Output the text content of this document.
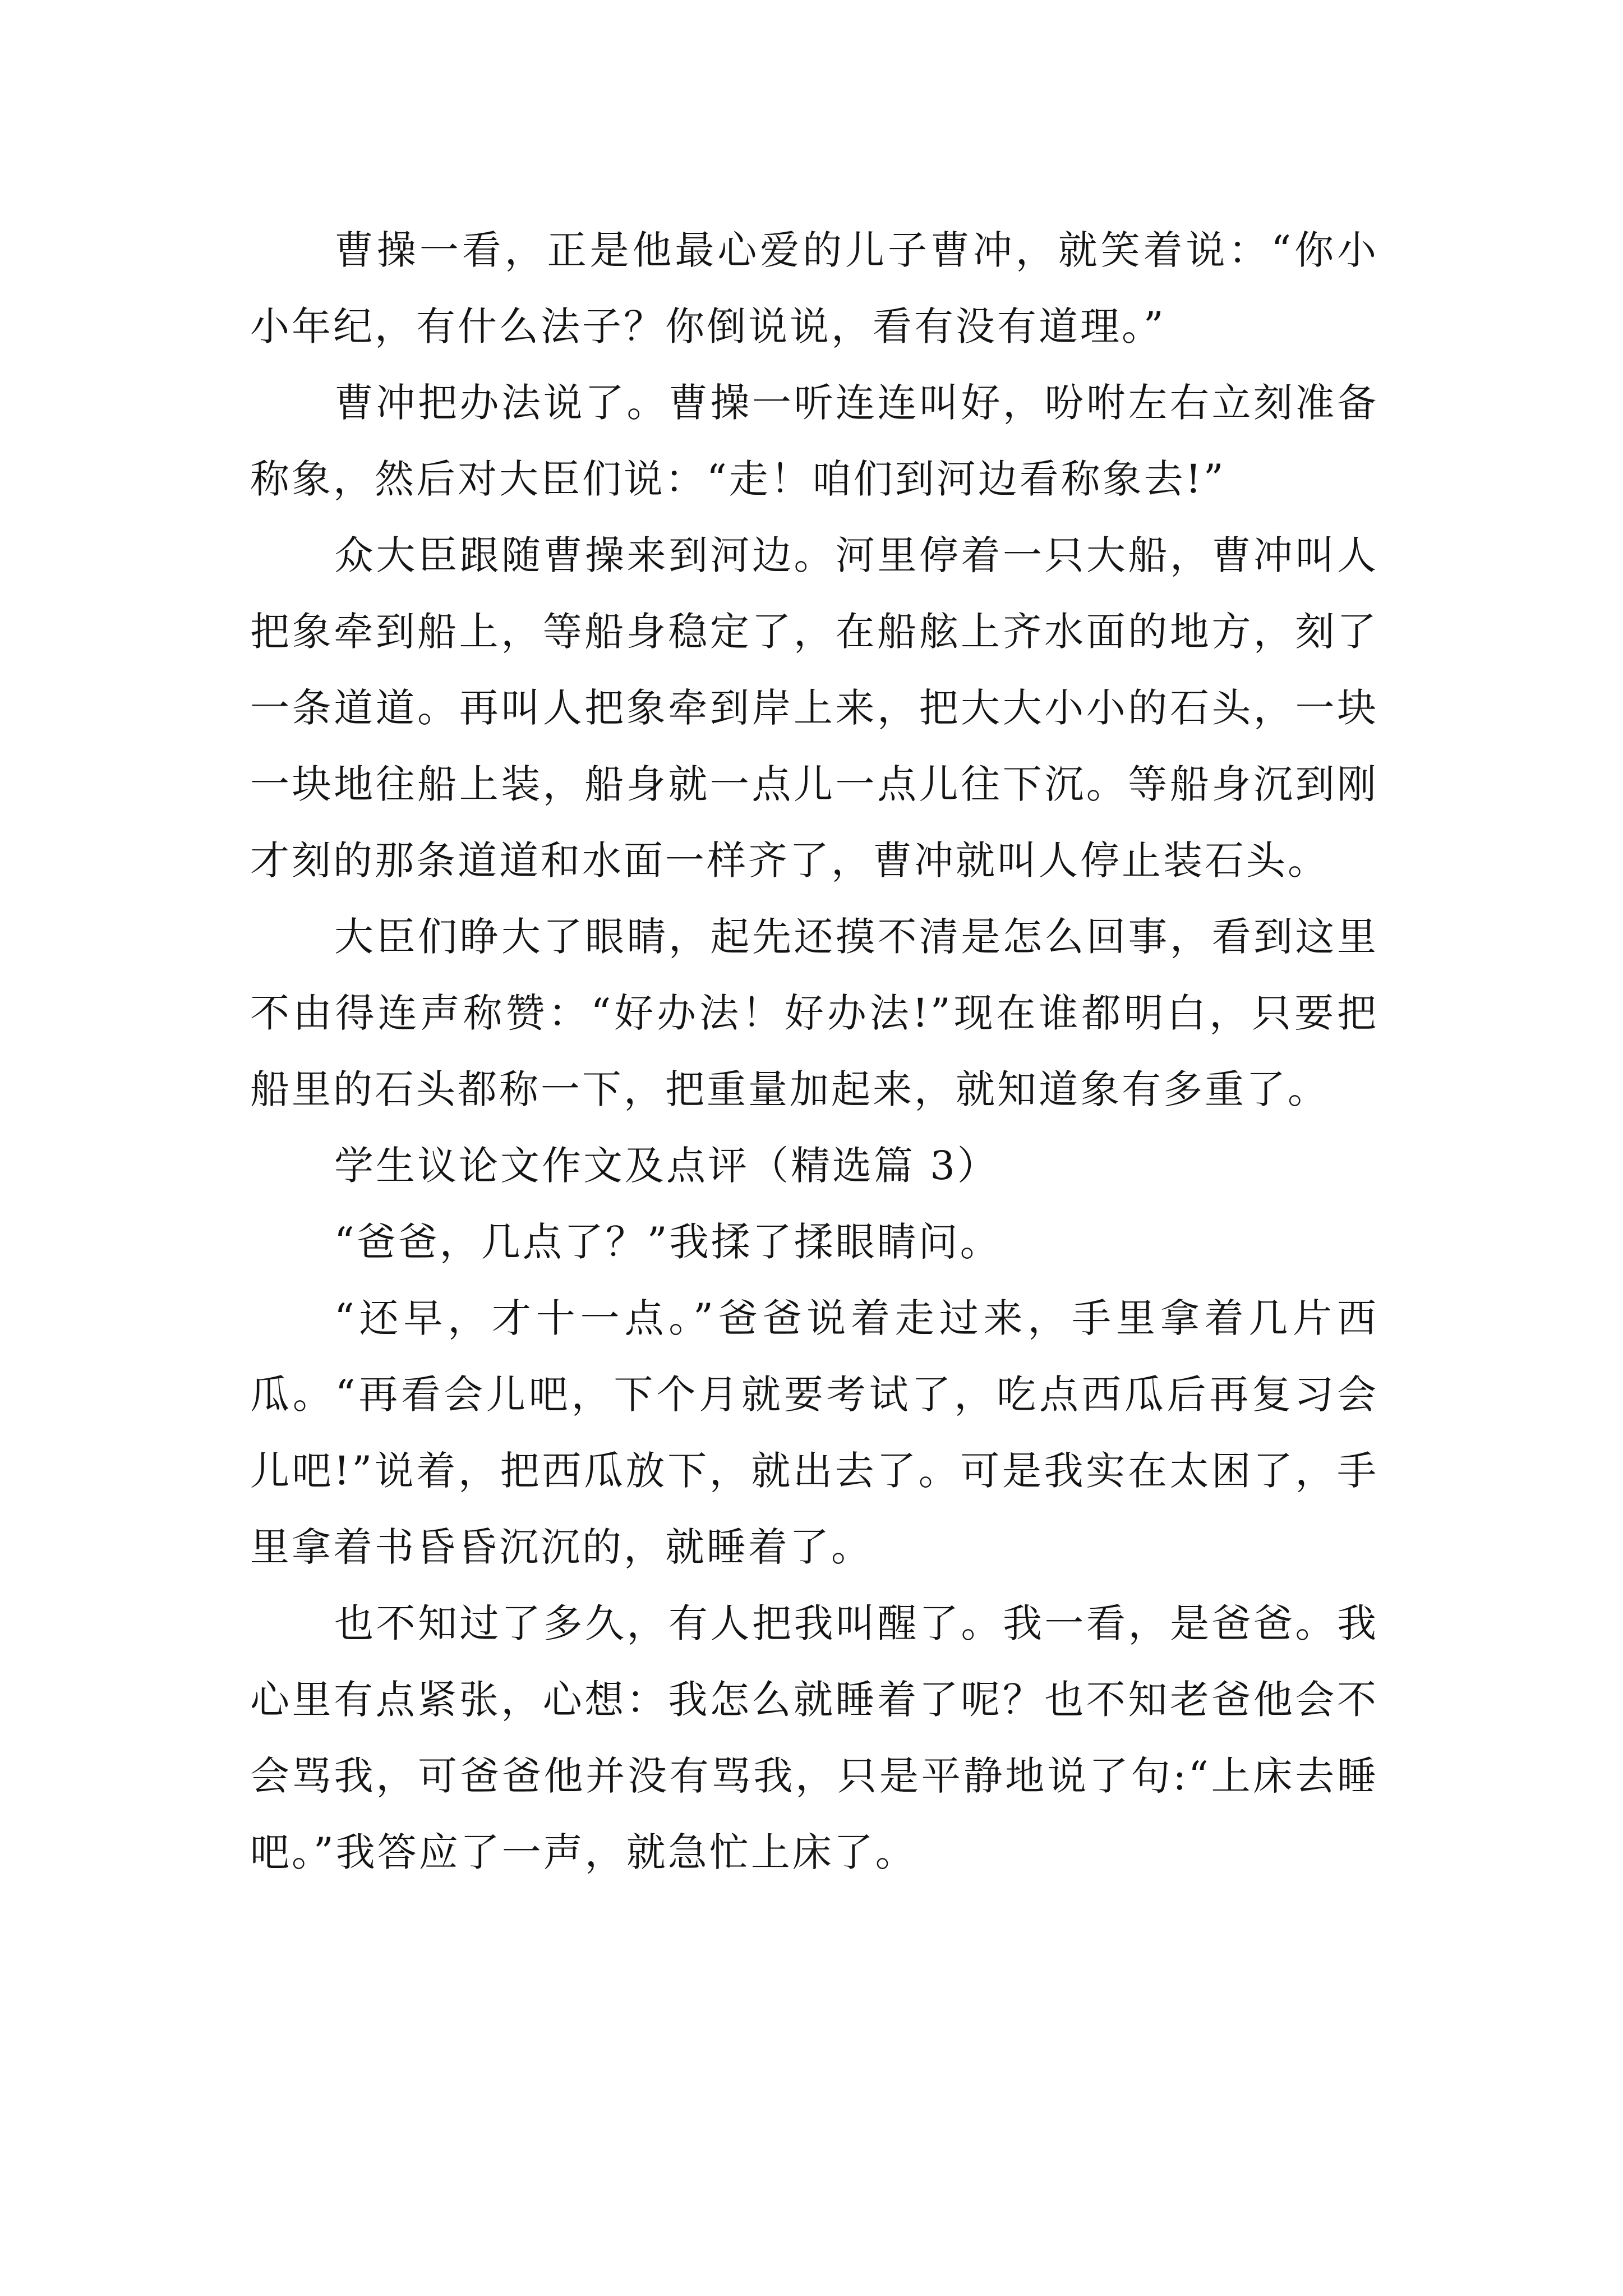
曹操一看，正是他最心爱的儿子曹冲，就笑着说：“你小小年纪，有什么法子？你倒说说，看有没有道理。”

曹冲把办法说了。曹操一听连连叫好，吩咐左右立刻准备称象，然后对大臣们说：“走！咱们到河边看称象去!”

众大臣跟随曹操来到河边。河里停着一只大船，曹冲叫人把象牵到船上，等船身稳定了，在船舷上齐水面的地方，刻了一条道道。再叫人把象牵到岸上来，把大大小小的石头，一块一块地往船上装，船身就一点儿一点儿往下沉。等船身沉到刚才刻的那条道道和水面一样齐了，曹冲就叫人停止装石头。

大臣们睁大了眼睛，起先还摸不清是怎么回事，看到这里不由得连声称赞：“好办法！好办法!”现在谁都明白，只要把船里的石头都称一下，把重量加起来，就知道象有多重了。

学生议论文作文及点评（精选篇 3）

“爸爸，几点了？”我揉了揉眼睛问。

“还早，才十一点。”爸爸说着走过来，手里拿着几片西瓜。“再看会儿吧，下个月就要考试了，吃点西瓜后再复习会儿吧!”说着，把西瓜放下，就出去了。可是我实在太困了，手里拿着书昏昏沉沉的，就睡着了。

也不知过了多久，有人把我叫醒了。我一看，是爸爸。我心里有点紧张，心想：我怎么就睡着了呢？也不知老爸他会不会骂我，可爸爸他并没有骂我，只是平静地说了句:“上床去睡吧。”我答应了一声，就急忙上床了。
